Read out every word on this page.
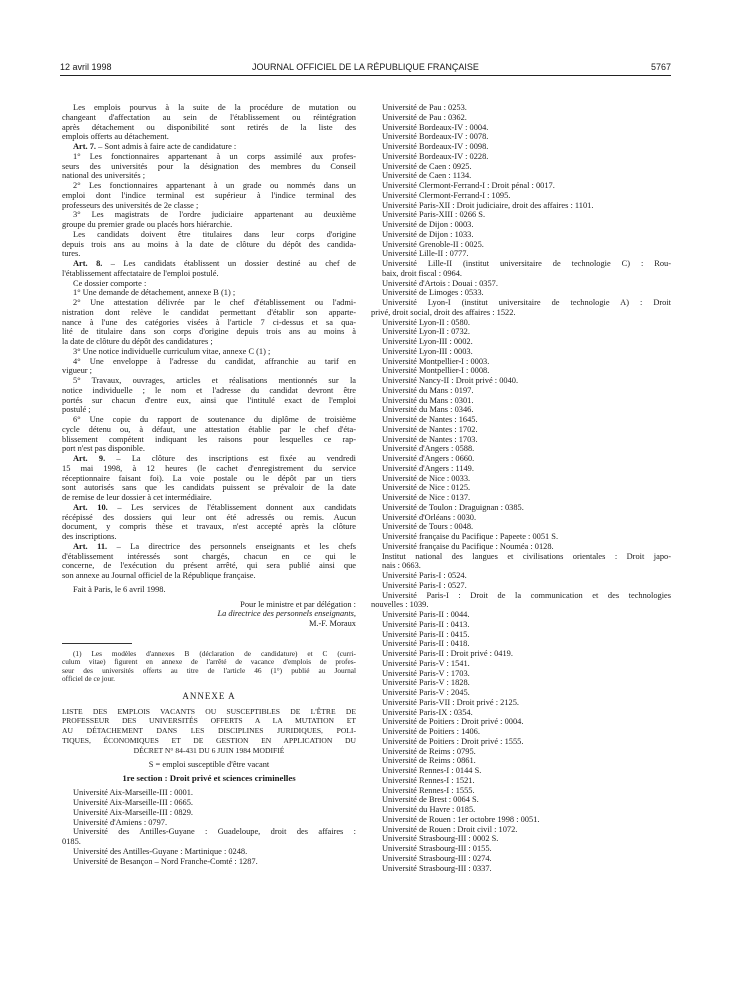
12 avril 1998	JOURNAL OFFICIEL DE LA RÉPUBLIQUE FRANÇAISE	5767

Les emplois pourvus à la suite de la procédure de mutation ou

changeant d'affectation au sein de l'établissement ou réintégration

après détachement ou disponibilité sont retirés de la liste des

emplois offerts au détachement.

Art. 7. – Sont admis à faire acte de candidature :

1° Les fonctionnaires appartenant à un corps assimilé aux profes-

seurs des universités pour la désignation des membres du Conseil

national des universités ;

2° Les fonctionnaires appartenant à un grade ou nommés dans un

emploi dont l'indice terminal est supérieur à l'indice terminal des

professeurs des universités de 2e classe ;

3° Les magistrats de l'ordre judiciaire appartenant au deuxième

groupe du premier grade ou placés hors hiérarchie.

Les candidats doivent être titulaires dans leur corps d'origine

depuis trois ans au moins à la date de clôture du dépôt des candida-

tures.

Art. 8. – Les candidats établissent un dossier destiné au chef de

l'établissement affectataire de l'emploi postulé.

Ce dossier comporte :

1° Une demande de détachement, annexe B (1) ;

2° Une attestation délivrée par le chef d'établissement ou l'admi-

nistration dont relève le candidat permettant d'établir son apparte-

nance à l'une des catégories visées à l'article 7 ci-dessus et sa qua-

lité de titulaire dans son corps d'origine depuis trois ans au moins à

la date de clôture du dépôt des candidatures ;

3° Une notice individuelle curriculum vitae, annexe C (1) ;

4° Une enveloppe à l'adresse du candidat, affranchie au tarif en

vigueur ;

5° Travaux, ouvrages, articles et réalisations mentionnés sur la

notice individuelle ; le nom et l'adresse du candidat devront être

portés sur chacun d'entre eux, ainsi que l'intitulé exact de l'emploi

postulé ;

6° Une copie du rapport de soutenance du diplôme de troisième

cycle détenu ou, à défaut, une attestation établie par le chef d'éta-

blissement compétent indiquant les raisons pour lesquelles ce rap-

port n'est pas disponible.

Art. 9. – La clôture des inscriptions est fixée au vendredi

15 mai 1998, à 12 heures (le cachet d'enregistrement du service

réceptionnaire faisant foi). La voie postale ou le dépôt par un tiers

sont autorisés sans que les candidats puissent se prévaloir de la date

de remise de leur dossier à cet intermédiaire.

Art. 10. – Les services de l'établissement donnent aux candidats

récépissé des dossiers qui leur ont été adressés ou remis. Aucun

document, y compris thèse et travaux, n'est accepté après la clôture

des inscriptions.

Art. 11. – La directrice des personnels enseignants et les chefs

d'établissement intéressés sont chargés, chacun en ce qui le

concerne, de l'exécution du présent arrêté, qui sera publié ainsi que

son annexe au Journal officiel de la République française.

Fait à Paris, le 6 avril 1998.

Pour le ministre et par délégation :

La directrice des personnels enseignants,

M.-F. Moraux

(1) Les modèles d'annexes B (déclaration de candidature) et C (curri-

culum vitae) figurent en annexe de l'arrêté de vacance d'emplois de profes-

seur des universités offerts au titre de l'article 46 (1°) publié au Journal

officiel de ce jour.

ANNEXE A

LISTE DES EMPLOIS VACANTS OU SUSCEPTIBLES DE L'ÊTRE DE

PROFESSEUR DES UNIVERSITÉS OFFERTS A LA MUTATION ET

AU DÉTACHEMENT DANS LES DISCIPLINES JURIDIQUES, POLI-

TIQUES, ÉCONOMIQUES ET DE GESTION EN APPLICATION DU

DÉCRET N° 84-431 DU 6 JUIN 1984 MODIFIÉ

S = emploi susceptible d'être vacant

1re section : Droit privé et sciences criminelles

Université Aix-Marseille-III : 0001.

Université Aix-Marseille-III : 0665.

Université Aix-Marseille-III : 0829.

Université d'Amiens : 0797.

Université des Antilles-Guyane : Guadeloupe, droit des affaires :

0185.

Université des Antilles-Guyane : Martinique : 0248.

Université de Besançon – Nord Franche-Comté : 1287.

Université de Pau : 0253.

Université de Pau : 0362.

Université Bordeaux-IV : 0004.

Université Bordeaux-IV : 0078.

Université Bordeaux-IV : 0098.

Université Bordeaux-IV : 0228.

Université de Caen : 0925.

Université de Caen : 1134.

Université Clermont-Ferrand-I : Droit pénal : 0017.

Université Clermont-Ferrand-I : 1095.

Université Paris-XII : Droit judiciaire, droit des affaires : 1101.

Université Paris-XIII : 0266 S.

Université de Dijon : 0003.

Université de Dijon : 1033.

Université Grenoble-II : 0025.

Université Lille-II : 0777.

Université Lille-II (institut universitaire de technologie C) : Rou-

baix, droit fiscal : 0964.

Université d'Artois : Douai : 0357.

Université de Limoges : 0533.

Université Lyon-I (institut universitaire de technologie A) : Droit

privé, droit social, droit des affaires : 1522.

Université Lyon-II : 0580.

Université Lyon-II : 0732.

Université Lyon-III : 0002.

Université Lyon-III : 0003.

Université Montpellier-I : 0003.

Université Montpellier-I : 0008.

Université Nancy-II : Droit privé : 0040.

Université du Mans : 0197.

Université du Mans : 0301.

Université du Mans : 0346.

Université de Nantes : 1645.

Université de Nantes : 1702.

Université de Nantes : 1703.

Université d'Angers : 0588.

Université d'Angers : 0660.

Université d'Angers : 1149.

Université de Nice : 0033.

Université de Nice : 0125.

Université de Nice : 0137.

Université de Toulon : Draguignan : 0385.

Université d'Orléans : 0030.

Université de Tours : 0048.

Université française du Pacifique : Papeete : 0051 S.

Université française du Pacifique : Nouméa : 0128.

Institut national des langues et civilisations orientales : Droit japo-

nais : 0663.

Université Paris-I : 0524.

Université Paris-I : 0527.

Université Paris-I : Droit de la communication et des technologies

nouvelles : 1039.

Université Paris-II : 0044.

Université Paris-II : 0413.

Université Paris-II : 0415.

Université Paris-II : 0418.

Université Paris-II : Droit privé : 0419.

Université Paris-V : 1541.

Université Paris-V : 1703.

Université Paris-V : 1828.

Université Paris-V : 2045.

Université Paris-VII : Droit privé : 2125.

Université Paris-IX : 0354.

Université de Poitiers : Droit privé : 0004.

Université de Poitiers : 1406.

Université de Poitiers : Droit privé : 1555.

Université de Reims : 0795.

Université de Reims : 0861.

Université Rennes-I : 0144 S.

Université Rennes-I : 1521.

Université Rennes-I : 1555.

Université de Brest : 0064 S.

Université du Havre : 0185.

Université de Rouen : 1er octobre 1998 : 0051.

Université de Rouen : Droit civil : 1072.

Université Strasbourg-III : 0002 S.

Université Strasbourg-III : 0155.

Université Strasbourg-III : 0274.

Université Strasbourg-III : 0337.
